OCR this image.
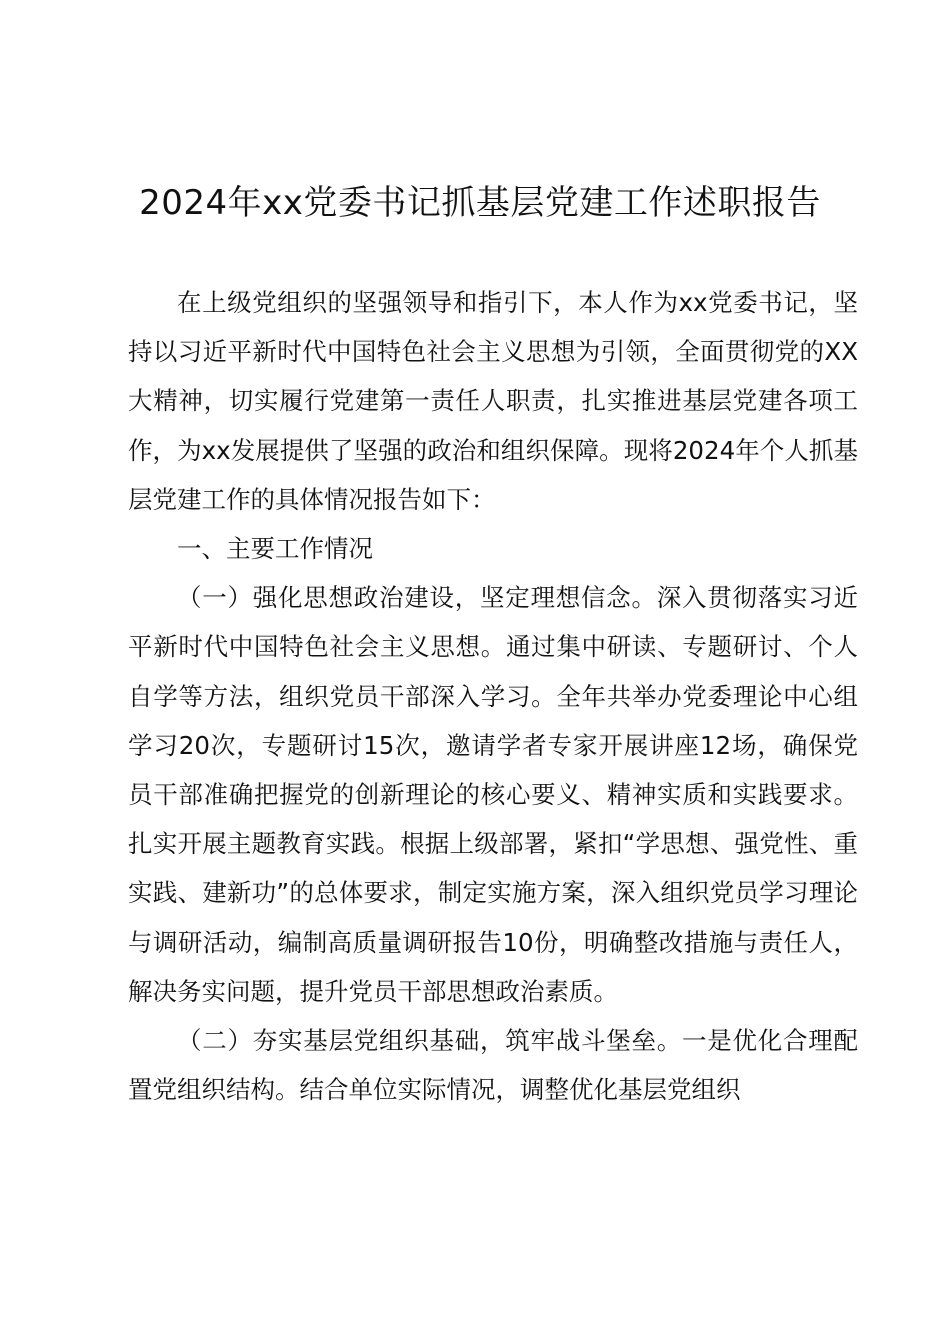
2024年xx党委书记抓基层党建工作述职报告

在上级党组织的坚强领导和指引下，本人作为xx党委书记，坚持以习近平新时代中国特色社会主义思想为引领，全面贯彻党的XX大精神，切实履行党建第一责任人职责，扎实推进基层党建各项工作，为xx发展提供了坚强的政治和组织保障。现将2024年个人抓基层党建工作的具体情况报告如下：

一、主要工作情况

（一）强化思想政治建设，坚定理想信念。深入贯彻落实习近平新时代中国特色社会主义思想。通过集中研读、专题研讨、个人自学等方法，组织党员干部深入学习。全年共举办党委理论中心组学习20次，专题研讨15次，邀请学者专家开展讲座12场，确保党员干部准确把握党的创新理论的核心要义、精神实质和实践要求。扎实开展主题教育实践。根据上级部署，紧扣“学思想、强党性、重实践、建新功”的总体要求，制定实施方案，深入组织党员学习理论与调研活动，编制高质量调研报告10份，明确整改措施与责任人，解决务实问题，提升党员干部思想政治素质。

（二）夯实基层党组织基础，筑牢战斗堡垒。一是优化合理配置党组织结构。结合单位实际情况，调整优化基层党组织
